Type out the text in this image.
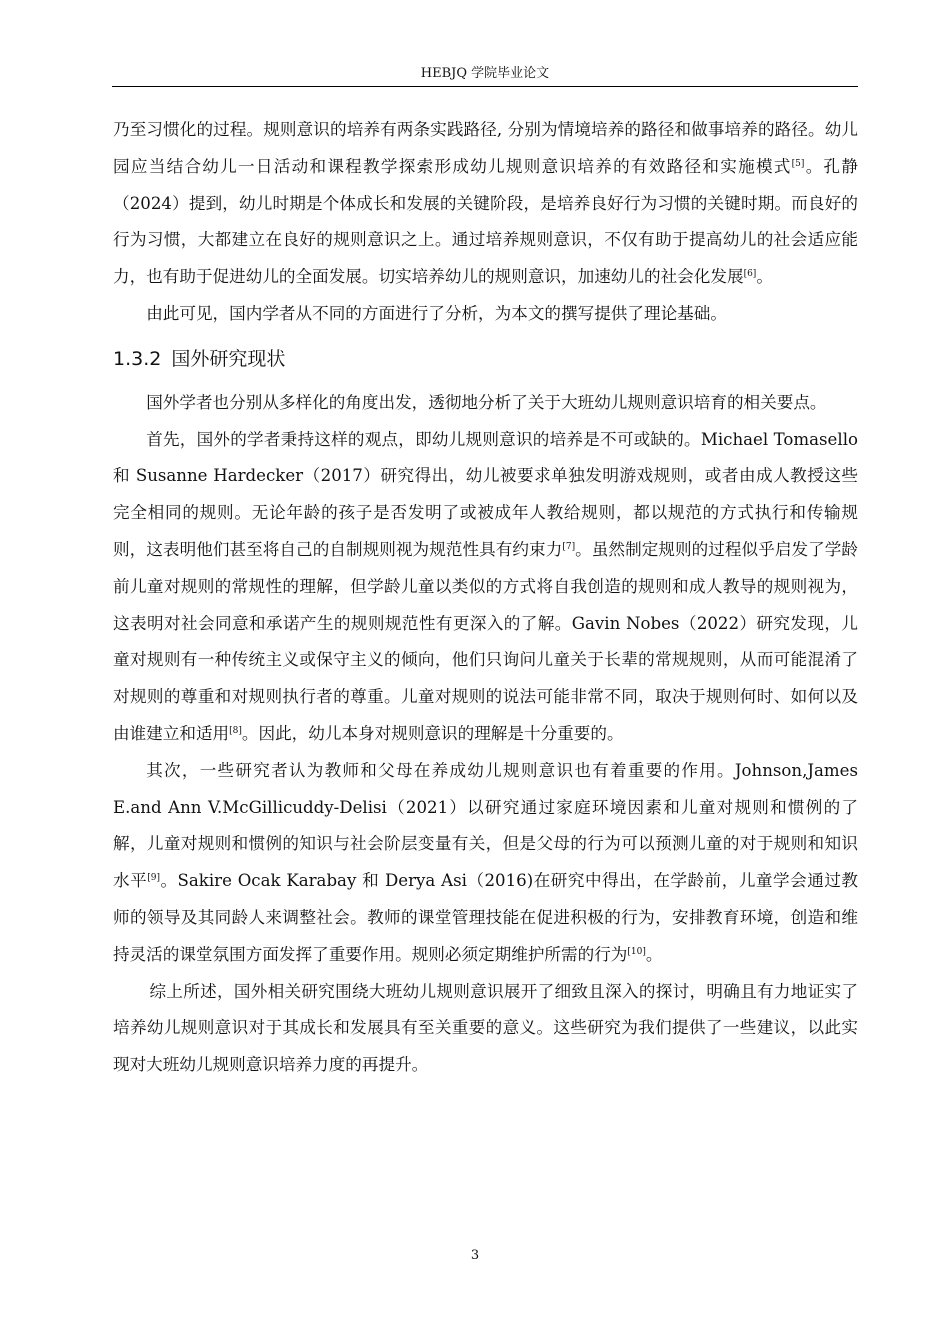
HEBJQ 学院毕业论文

乃至习惯化的过程。规则意识的培养有两条实践路径, 分别为情境培养的路径和做事培养的路径。幼儿园应当结合幼儿一日活动和课程教学探索形成幼儿规则意识培养的有效路径和实施模式[5]。孔静（2024）提到，幼儿时期是个体成长和发展的关键阶段，是培养良好行为习惯的关键时期。而良好的行为习惯，大都建立在良好的规则意识之上。通过培养规则意识，不仅有助于提高幼儿的社会适应能力，也有助于促进幼儿的全面发展。切实培养幼儿的规则意识，加速幼儿的社会化发展[6]。

由此可见，国内学者从不同的方面进行了分析，为本文的撰写提供了理论基础。

1.3.2 国外研究现状

国外学者也分别从多样化的角度出发，透彻地分析了关于大班幼儿规则意识培育的相关要点。

首先，国外的学者秉持这样的观点，即幼儿规则意识的培养是不可或缺的。Michael Tomasello 和 Susanne Hardecker（2017）研究得出，幼儿被要求单独发明游戏规则，或者由成人教授这些完全相同的规则。无论年龄的孩子是否发明了或被成年人教给规则，都以规范的方式执行和传输规则，这表明他们甚至将自己的自制规则视为规范性具有约束力[7]。虽然制定规则的过程似乎启发了学龄前儿童对规则的常规性的理解，但学龄儿童以类似的方式将自我创造的规则和成人教导的规则视为，这表明对社会同意和承诺产生的规则规范性有更深入的了解。Gavin Nobes（2022）研究发现，儿童对规则有一种传统主义或保守主义的倾向，他们只询问儿童关于长辈的常规规则，从而可能混淆了对规则的尊重和对规则执行者的尊重。儿童对规则的说法可能非常不同，取决于规则何时、如何以及由谁建立和适用[8]。因此，幼儿本身对规则意识的理解是十分重要的。

其次，一些研究者认为教师和父母在养成幼儿规则意识也有着重要的作用。Johnson,James E.and Ann V.McGillicuddy-Delisi（2021）以研究通过家庭环境因素和儿童对规则和惯例的了解，儿童对规则和惯例的知识与社会阶层变量有关，但是父母的行为可以预测儿童的对于规则和知识水平[9]。Sakire Ocak Karabay 和 Derya Asi（2016)在研究中得出，在学龄前，儿童学会通过教师的领导及其同龄人来调整社会。教师的课堂管理技能在促进积极的行为，安排教育环境，创造和维持灵活的课堂氛围方面发挥了重要作用。规则必须定期维护所需的行为[10]。

综上所述，国外相关研究围绕大班幼儿规则意识展开了细致且深入的探讨，明确且有力地证实了培养幼儿规则意识对于其成长和发展具有至关重要的意义。这些研究为我们提供了一些建议，以此实现对大班幼儿规则意识培养力度的再提升。

3
